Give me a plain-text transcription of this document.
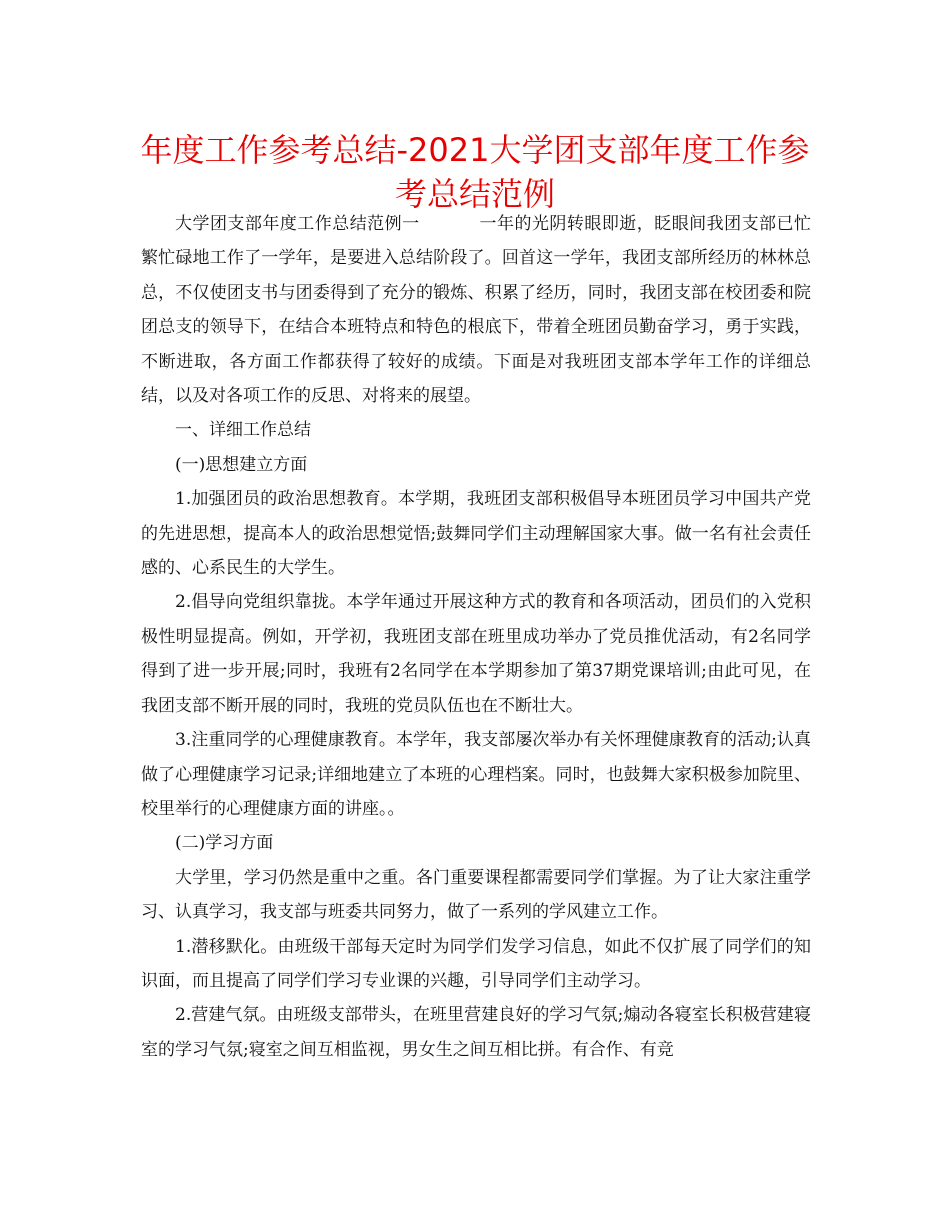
年度工作参考总结-2021大学团支部年度工作参
考总结范例

大学团支部年度工作总结范例一	一年的光阴转眼即逝，眨眼间我团支部已忙繁忙碌地工作了一学年，是要进入总结阶段了。回首这一学年，我团支部所经历的林林总总，不仅使团支书与团委得到了充分的锻炼、积累了经历，同时，我团支部在校团委和院团总支的领导下，在结合本班特点和特色的根底下，带着全班团员勤奋学习，勇于实践，不断进取，各方面工作都获得了较好的成绩。下面是对我班团支部本学年工作的详细总结，以及对各项工作的反思、对将来的展望。

一、详细工作总结

(一)思想建立方面

1.加强团员的政治思想教育。本学期，我班团支部积极倡导本班团员学习中国共产党的先进思想，提高本人的政治思想觉悟;鼓舞同学们主动理解国家大事。做一名有社会责任感的、心系民生的大学生。

2.倡导向党组织靠拢。本学年通过开展这种方式的教育和各项活动，团员们的入党积极性明显提高。例如，开学初，我班团支部在班里成功举办了党员推优活动，有2名同学得到了进一步开展;同时，我班有2名同学在本学期参加了第37期党课培训;由此可见，在我团支部不断开展的同时，我班的党员队伍也在不断壮大。

3.注重同学的心理健康教育。本学年，我支部屡次举办有关怀理健康教育的活动;认真做了心理健康学习记录;详细地建立了本班的心理档案。同时，也鼓舞大家积极参加院里、校里举行的心理健康方面的讲座。。

(二)学习方面

大学里，学习仍然是重中之重。各门重要课程都需要同学们掌握。为了让大家注重学习、认真学习，我支部与班委共同努力，做了一系列的学风建立工作。

1.潜移默化。由班级干部每天定时为同学们发学习信息，如此不仅扩展了同学们的知识面，而且提高了同学们学习专业课的兴趣，引导同学们主动学习。

2.营建气氛。由班级支部带头，在班里营建良好的学习气氛;煽动各寝室长积极营建寝室的学习气氛;寝室之间互相监视，男女生之间互相比拼。有合作、有竞
